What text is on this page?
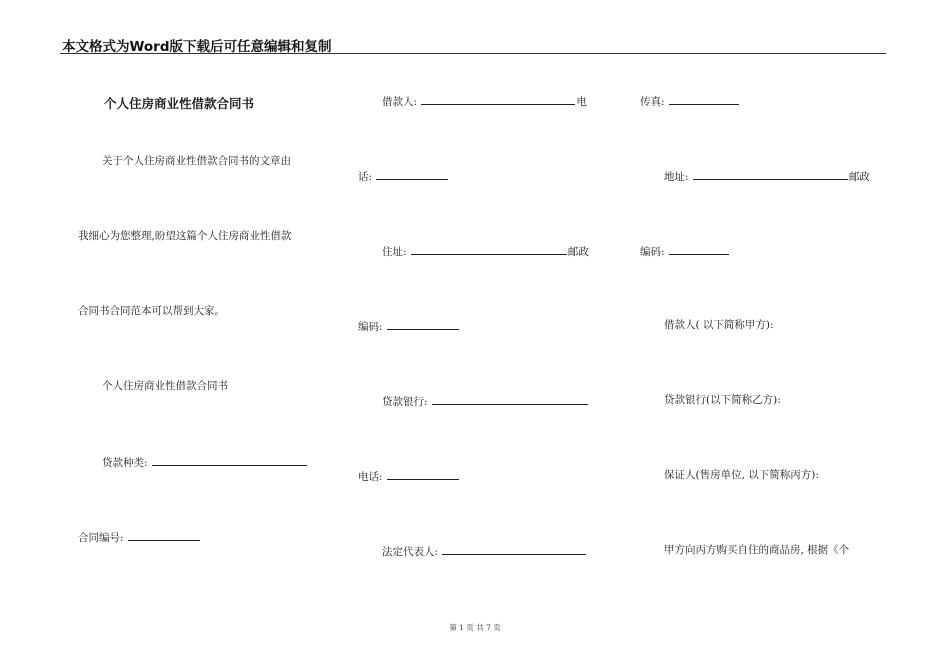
本文格式为Word版下载后可任意编辑和复制
个人住房商业性借款合同书
关于个人住房商业性借款合同书的文章由
我细心为您整理,盼望这篇个人住房商业性借款
合同书合同范本可以帮到大家。
个人住房商业性借款合同书
贷款种类:
合同编号:
借款人:	电
话:
住址:	邮政
编码:
贷款银行:
电话:
法定代表人:
传真:
地址:	邮政
编码:
借款人( 以下简称甲方):
贷款银行(以下简称乙方):
保证人(售房单位, 以下简称丙方):
甲方向丙方购买自住的商品房, 根据《个
第 1 页 共 7 页
